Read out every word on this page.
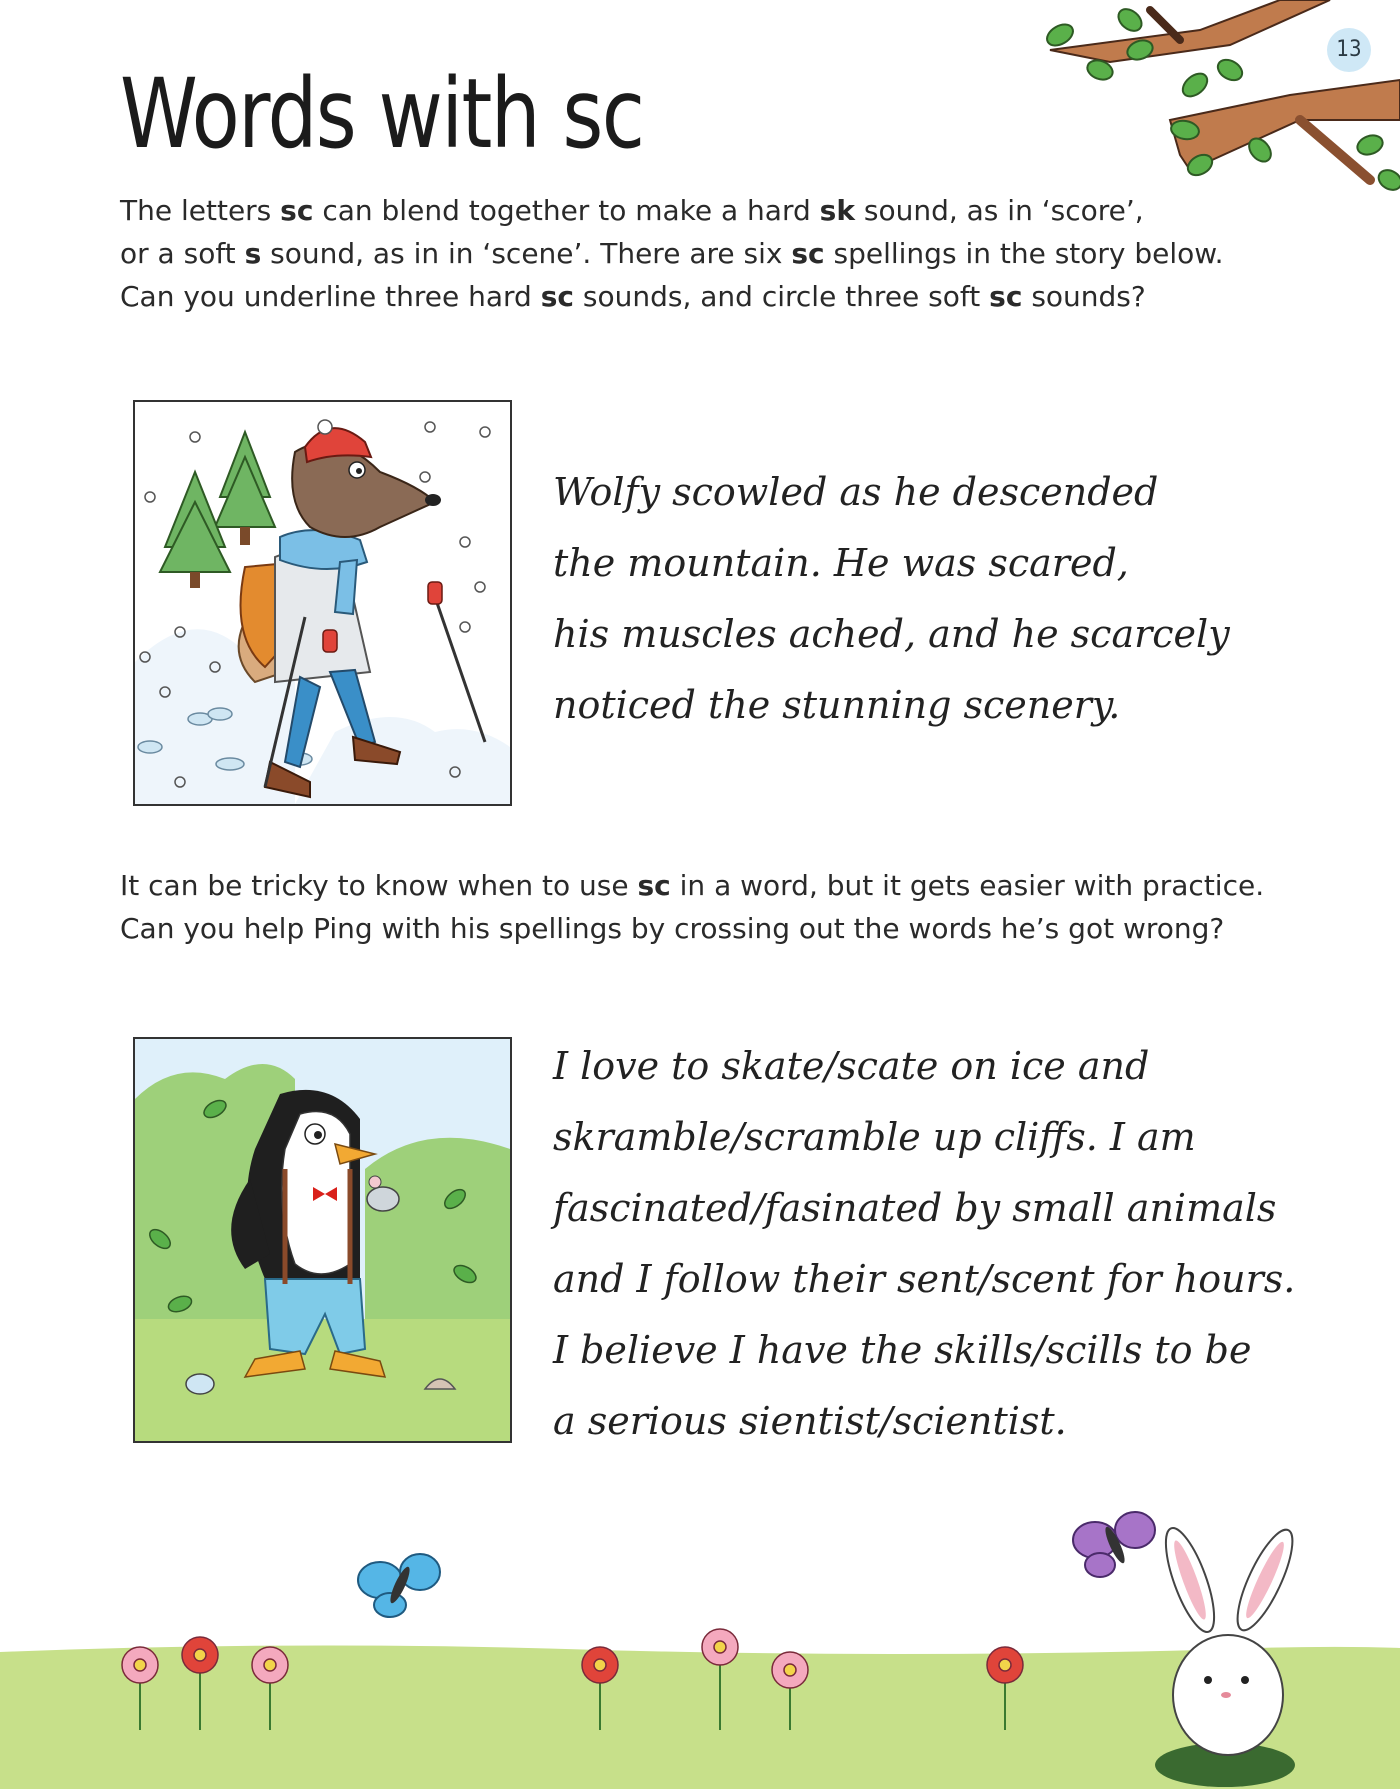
13
Words with sc
The letters sc can blend together to make a hard sk sound, as in ‘score’,
or a soft s sound, as in in ‘scene’. There are six sc spellings in the story below.
Can you underline three hard sc sounds, and circle three soft sc sounds?
Wolfy scowled as he descended
the mountain. He was scared,
his muscles ached, and he scarcely
noticed the stunning scenery.
It can be tricky to know when to use sc in a word, but it gets easier with practice.
Can you help Ping with his spellings by crossing out the words he’s got wrong?
I love to skate/scate on ice and
skramble/scramble up cliffs. I am
fascinated/fasinated by small animals
and I follow their sent/scent for hours.
I believe I have the skills/scills to be
a serious sientist/scientist.
